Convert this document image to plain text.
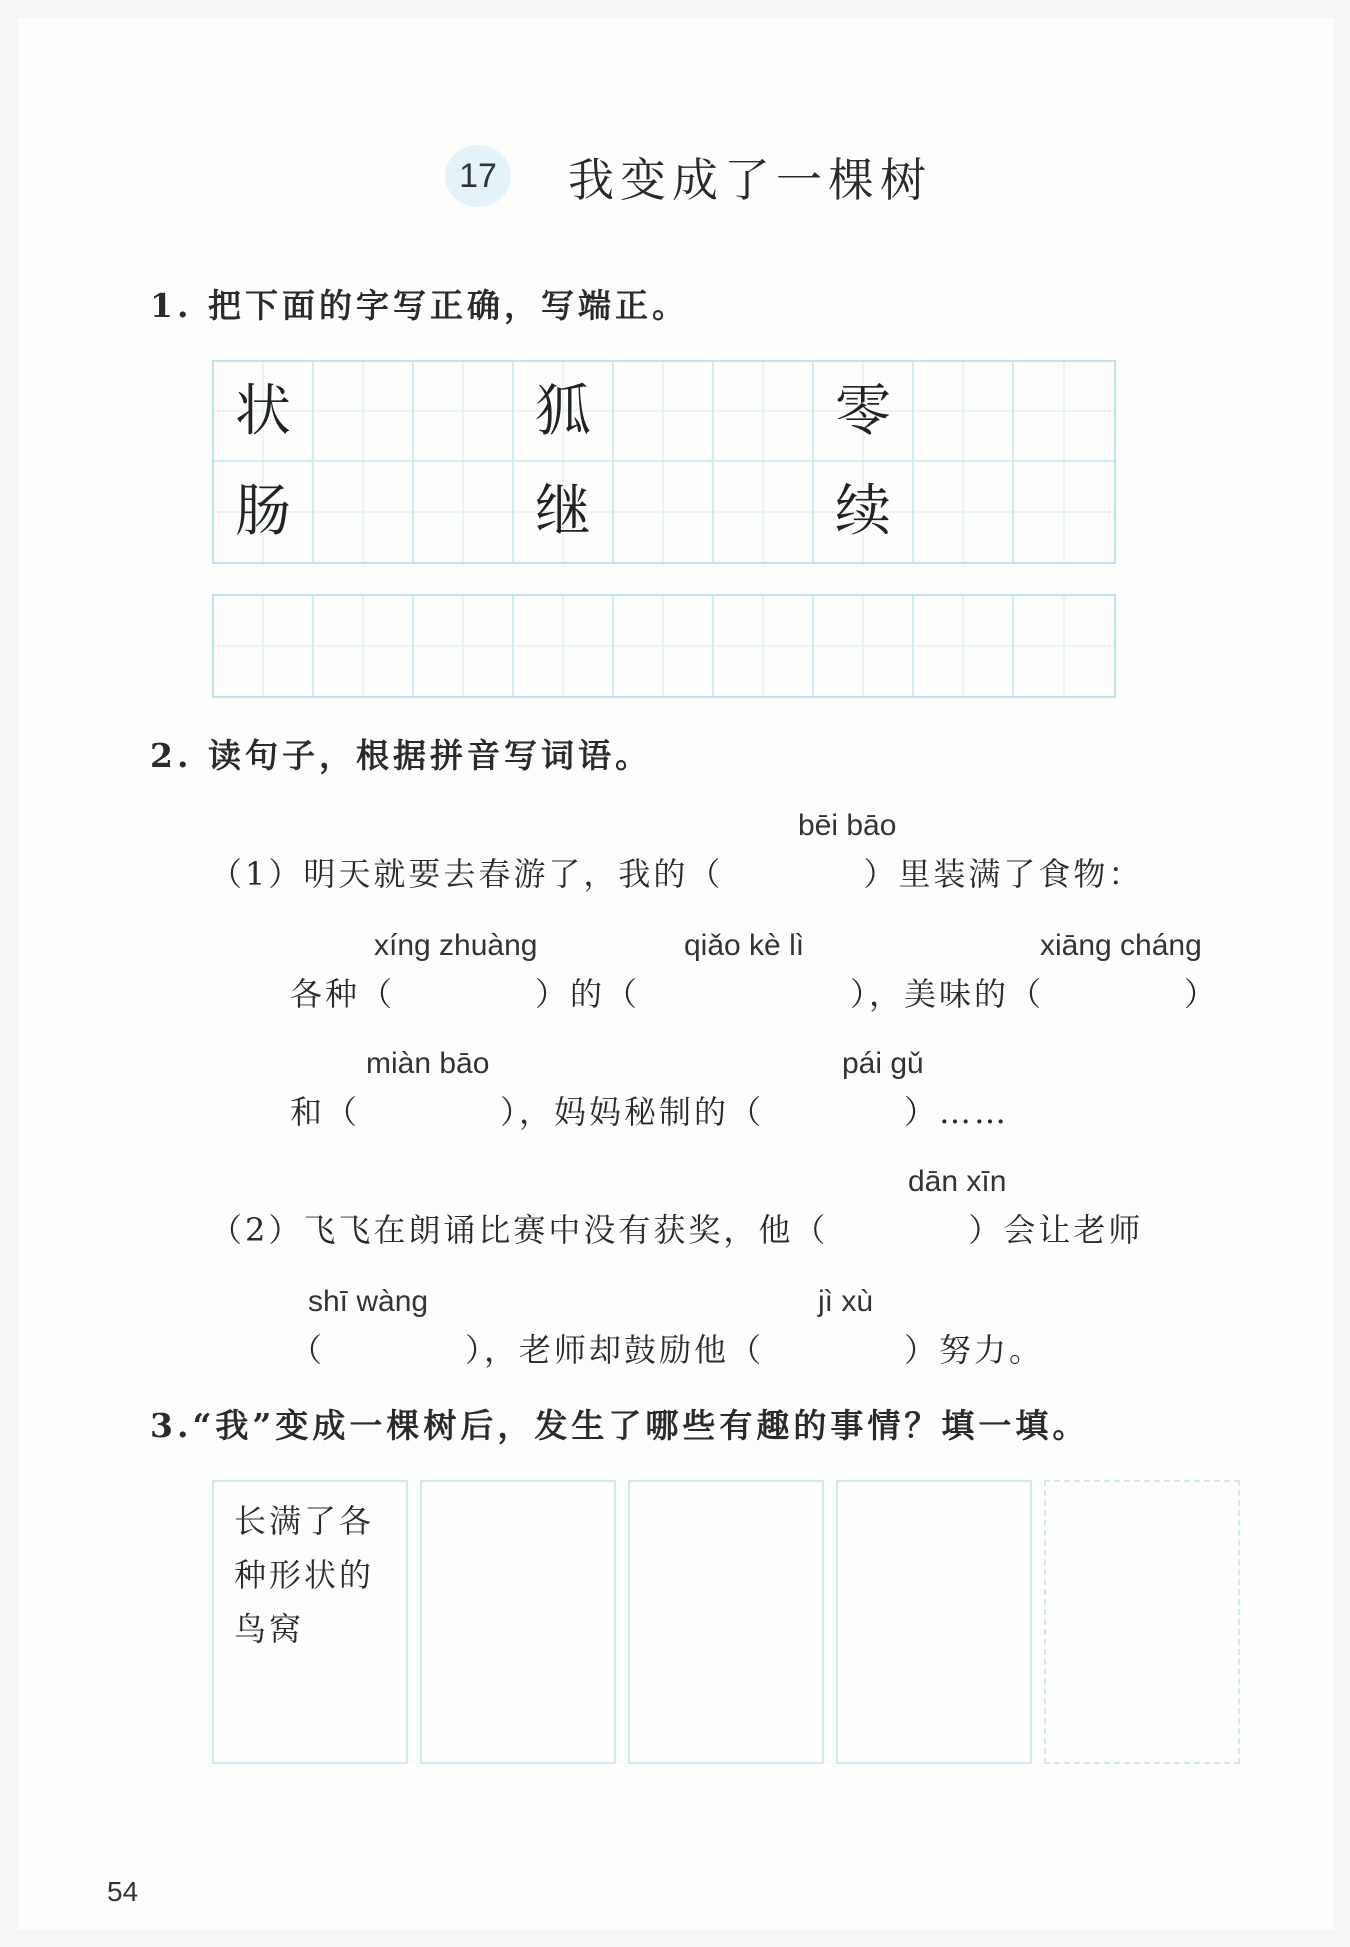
17	我变成了一棵树
1. 把下面的字写正确，写端正。
状	狐	零
肠	继	续
2. 读句子，根据拼音写词语。
bēi bāo
（1）明天就要去春游了，我的（　　　　）里装满了食物：
xíng zhuàng	qiǎo kè lì	xiāng cháng
各种（　　　　）的（　　　　　　），美味的（　　　　）
miàn bāo	pái gǔ
和（　　　　），妈妈秘制的（　　　　）……
dān xīn
（2）飞飞在朗诵比赛中没有获奖，他（　　　　）会让老师
shī wàng	jì xù
（　　　　），老师却鼓励他（　　　　）努力。
3.“我”变成一棵树后，发生了哪些有趣的事情？填一填。
长满了各
种形状的
鸟窝
54
